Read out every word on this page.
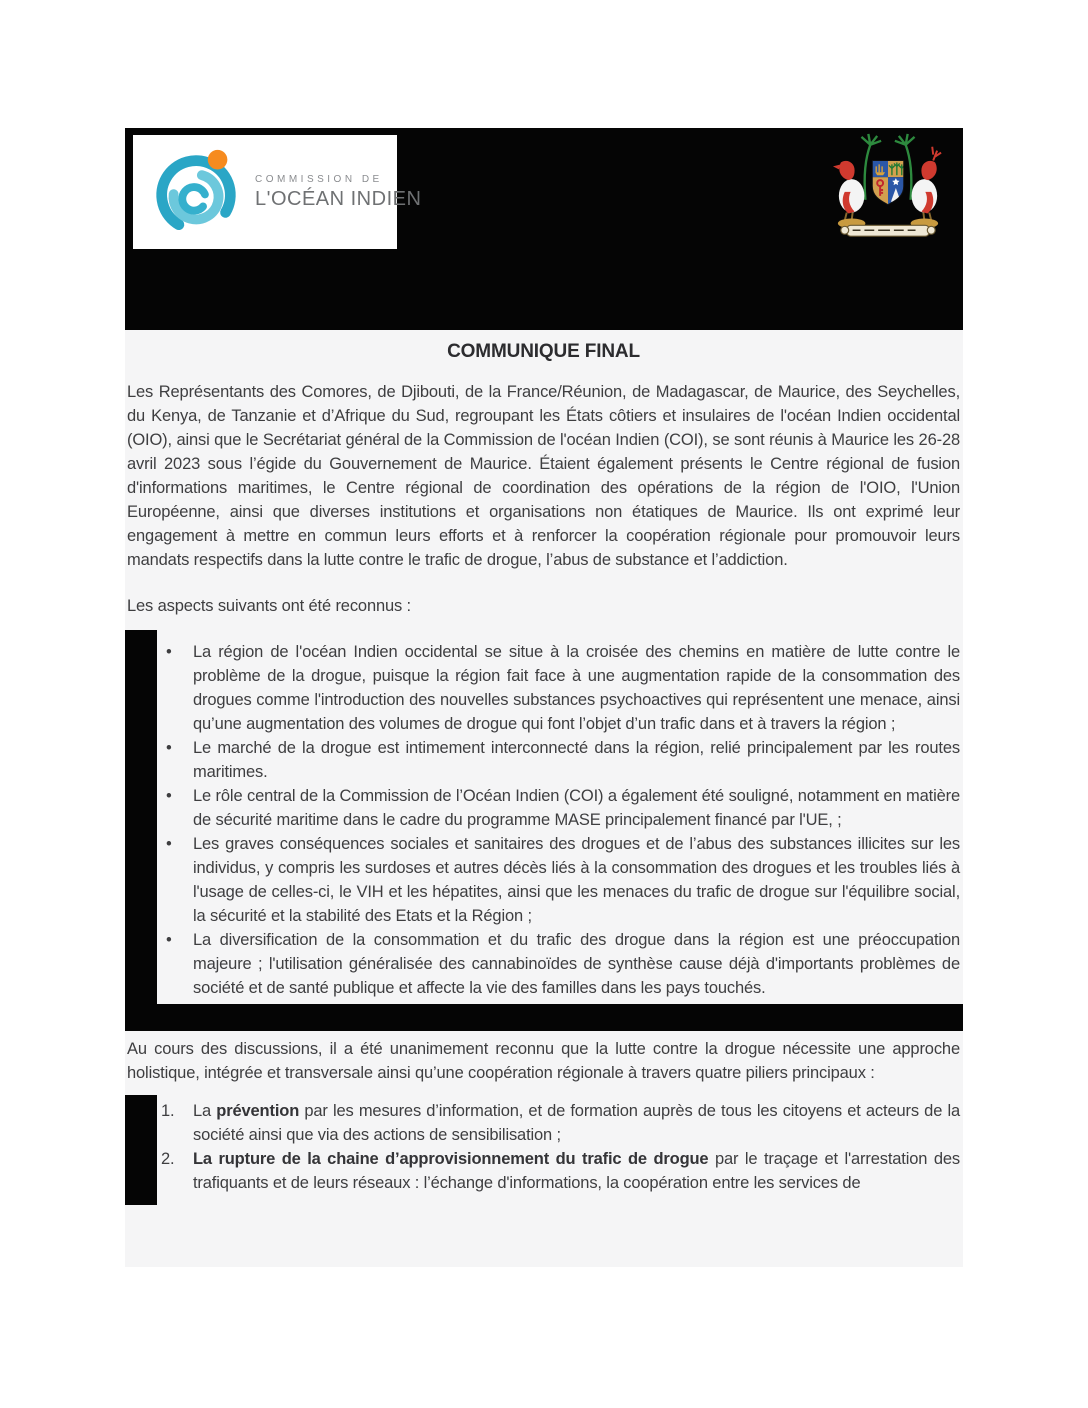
COMMISSION DE
L'OCÉAN INDIEN
COMMUNIQUE FINAL

Les Représentants des Comores, de Djibouti, de la France/Réunion, de Madagascar, de Maurice, des Seychelles, du Kenya, de Tanzanie et d’Afrique du Sud, regroupant les États côtiers et insulaires de l'océan Indien occidental (OIO), ainsi que le Secrétariat général de la Commission de l'océan Indien (COI), se sont réunis à Maurice les 26-28 avril 2023 sous l’égide du Gouvernement de Maurice. Étaient également présents le Centre régional de fusion d'informations maritimes, le Centre régional de coordination des opérations de la région de l'OIO, l'Union Européenne, ainsi que diverses institutions et organisations non étatiques de Maurice. Ils ont exprimé leur engagement à mettre en commun leurs efforts et à renforcer la coopération régionale pour promouvoir leurs mandats respectifs dans la lutte contre le trafic de drogue, l’abus de substance et l’addiction.

Les aspects suivants ont été reconnus :

• La région de l'océan Indien occidental se situe à la croisée des chemins en matière de lutte contre le problème de la drogue, puisque la région fait face à une augmentation rapide de la consommation des drogues comme l'introduction des nouvelles substances psychoactives qui représentent une menace, ainsi qu’une augmentation des volumes de drogue qui font l’objet d’un trafic dans et à travers la région ;
• Le marché de la drogue est intimement interconnecté dans la région, relié principalement par les routes maritimes.
• Le rôle central de la Commission de l’Océan Indien (COI) a également été souligné, notamment en matière de sécurité maritime dans le cadre du programme MASE principalement financé par l'UE, ;
• Les graves conséquences sociales et sanitaires des drogues et de l’abus des substances illicites sur les individus, y compris les surdoses et autres décès liés à la consommation des drogues et les troubles liés à l'usage de celles-ci, le VIH et les hépatites, ainsi que les menaces du trafic de drogue sur l'équilibre social, la sécurité et la stabilité des Etats et la Région ;
• La diversification de la consommation et du trafic des drogue dans la région est une préoccupation majeure ; l'utilisation généralisée des cannabinoïdes de synthèse cause déjà d'importants problèmes de société et de santé publique et affecte la vie des familles dans les pays touchés.

Au cours des discussions, il a été unanimement reconnu que la lutte contre la drogue nécessite une approche holistique, intégrée et transversale ainsi qu’une coopération régionale à travers quatre piliers principaux :

1. La prévention par les mesures d’information, et de formation auprès de tous les citoyens et acteurs de la société ainsi que via des actions de sensibilisation ;
2. La rupture de la chaine d’approvisionnement du trafic de drogue par le traçage et l'arrestation des trafiquants et de leurs réseaux : l’échange d'informations, la coopération entre les services de
